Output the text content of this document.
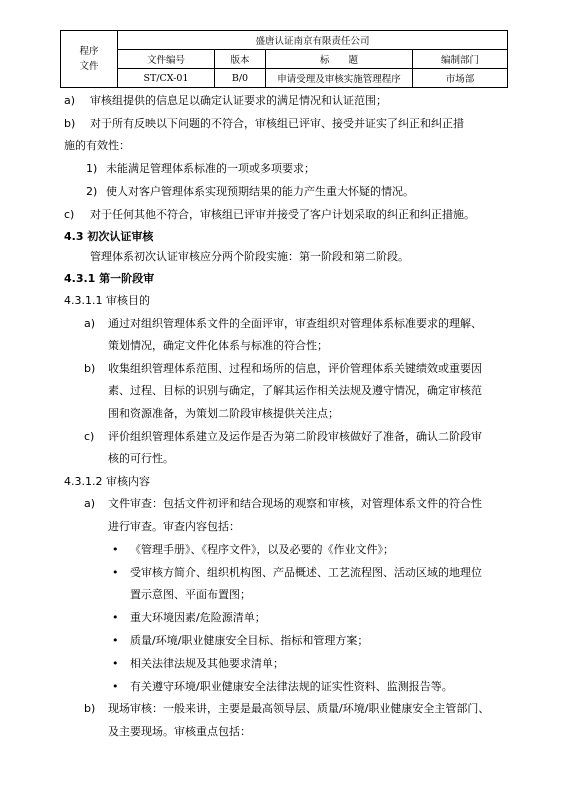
程序
文件	盛唐认证南京有限责任公司			
	文件编号	版本	标　　题	编制部门
	ST/CX-01	B/0	申请受理及审核实施管理程序	市场部
a) 审核组提供的信息足以确定认证要求的满足情况和认证范围；
b) 对于所有反映以下问题的不符合，审核组已评审、接受并证实了纠正和纠正措
施的有效性：
1) 未能满足管理体系标准的一项或多项要求；
2) 使人对客户管理体系实现预期结果的能力产生重大怀疑的情况。
c) 对于任何其他不符合，审核组已评审并接受了客户计划采取的纠正和纠正措施。
4.3 初次认证审核
管理体系初次认证审核应分两个阶段实施：第一阶段和第二阶段。
4.3.1 第一阶段审
4.3.1.1 审核目的
a) 通过对组织管理体系文件的全面评审，审查组织对管理体系标准要求的理解、
策划情况，确定文件化体系与标准的符合性；
b) 收集组织管理体系范围、过程和场所的信息，评价管理体系关键绩效或重要因
素、过程、目标的识别与确定，了解其运作相关法规及遵守情况，确定审核范
围和资源准备，为策划二阶段审核提供关注点；
c) 评价组织管理体系建立及运作是否为第二阶段审核做好了准备，确认二阶段审
核的可行性。
4.3.1.2 审核内容
a) 文件审查：包括文件初评和结合现场的观察和审核，对管理体系文件的符合性
进行审查。审查内容包括：
• 《管理手册》、《程序文件》，以及必要的《作业文件》；
• 受审核方简介、组织机构图、产品概述、工艺流程图、活动区域的地理位
置示意图、平面布置图；
• 重大环境因素/危险源清单；
• 质量/环境/职业健康安全目标、指标和管理方案；
• 相关法律法规及其他要求清单；
• 有关遵守环境/职业健康安全法律法规的证实性资料、监测报告等。
b) 现场审核：一般来讲，主要是最高领导层、质量/环境/职业健康安全主管部门、
及主要现场。审核重点包括：
